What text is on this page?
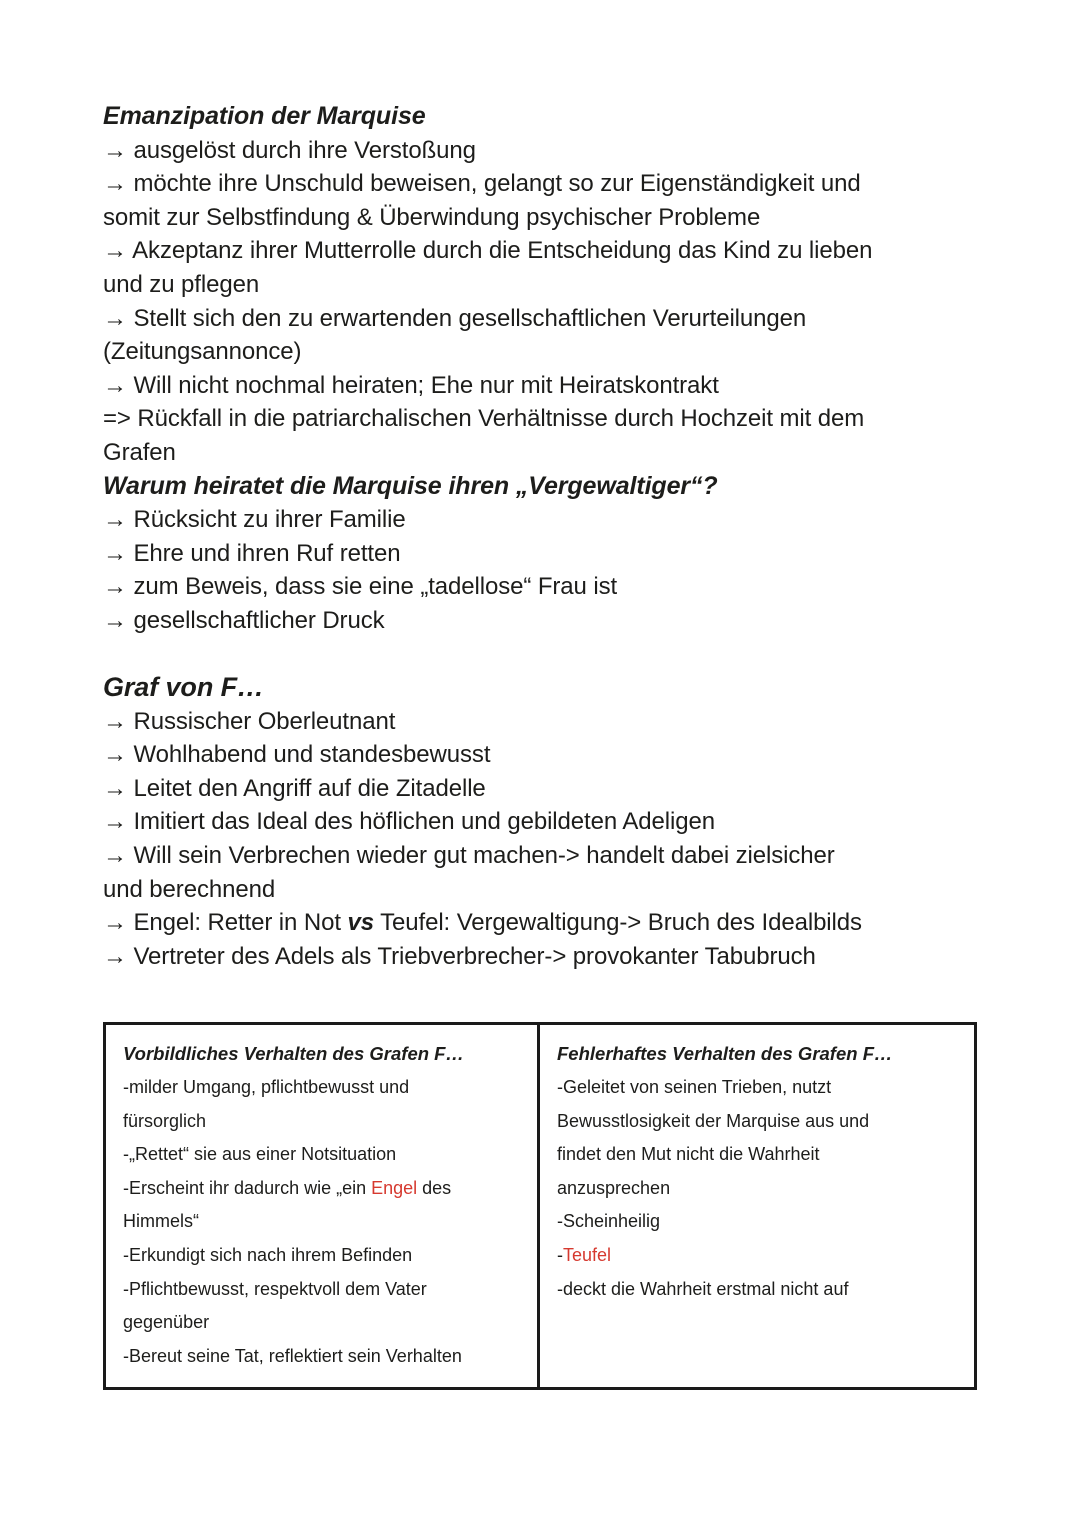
Emanzipation der Marquise
→ ausgelöst durch ihre Verstoßung
→ möchte ihre Unschuld beweisen, gelangt so zur Eigenständigkeit und
somit zur Selbstfindung & Überwindung psychischer Probleme
→ Akzeptanz ihrer Mutterrolle durch die Entscheidung das Kind zu lieben
und zu pflegen
→ Stellt sich den zu erwartenden gesellschaftlichen Verurteilungen
(Zeitungsannonce)
→ Will nicht nochmal heiraten; Ehe nur mit Heiratskontrakt
=> Rückfall in die patriarchalischen Verhältnisse durch Hochzeit mit dem
Grafen
Warum heiratet die Marquise ihren „Vergewaltiger“?
→ Rücksicht zu ihrer Familie
→ Ehre und ihren Ruf retten
→ zum Beweis, dass sie eine „tadellose“ Frau ist
→ gesellschaftlicher Druck
Graf von F…
→ Russischer Oberleutnant
→ Wohlhabend und standesbewusst
→ Leitet den Angriff auf die Zitadelle
→ Imitiert das Ideal des höflichen und gebildeten Adeligen
→ Will sein Verbrechen wieder gut machen-> handelt dabei zielsicher
und berechnend
→ Engel: Retter in Not vs Teufel: Vergewaltigung-> Bruch des Idealbilds
→ Vertreter des Adels als Triebverbrecher-> provokanter Tabubruch
Vorbildliches Verhalten des Grafen F…
-milder Umgang, pflichtbewusst und
fürsorglich
-„Rettet“ sie aus einer Notsituation
-Erscheint ihr dadurch wie „ein Engel des
Himmels“
-Erkundigt sich nach ihrem Befinden
-Pflichtbewusst, respektvoll dem Vater
gegenüber
-Bereut seine Tat, reflektiert sein Verhalten
Fehlerhaftes Verhalten des Grafen F…
-Geleitet von seinen Trieben, nutzt
Bewusstlosigkeit der Marquise aus und
findet den Mut nicht die Wahrheit
anzusprechen
-Scheinheilig
-Teufel
-deckt die Wahrheit erstmal nicht auf
